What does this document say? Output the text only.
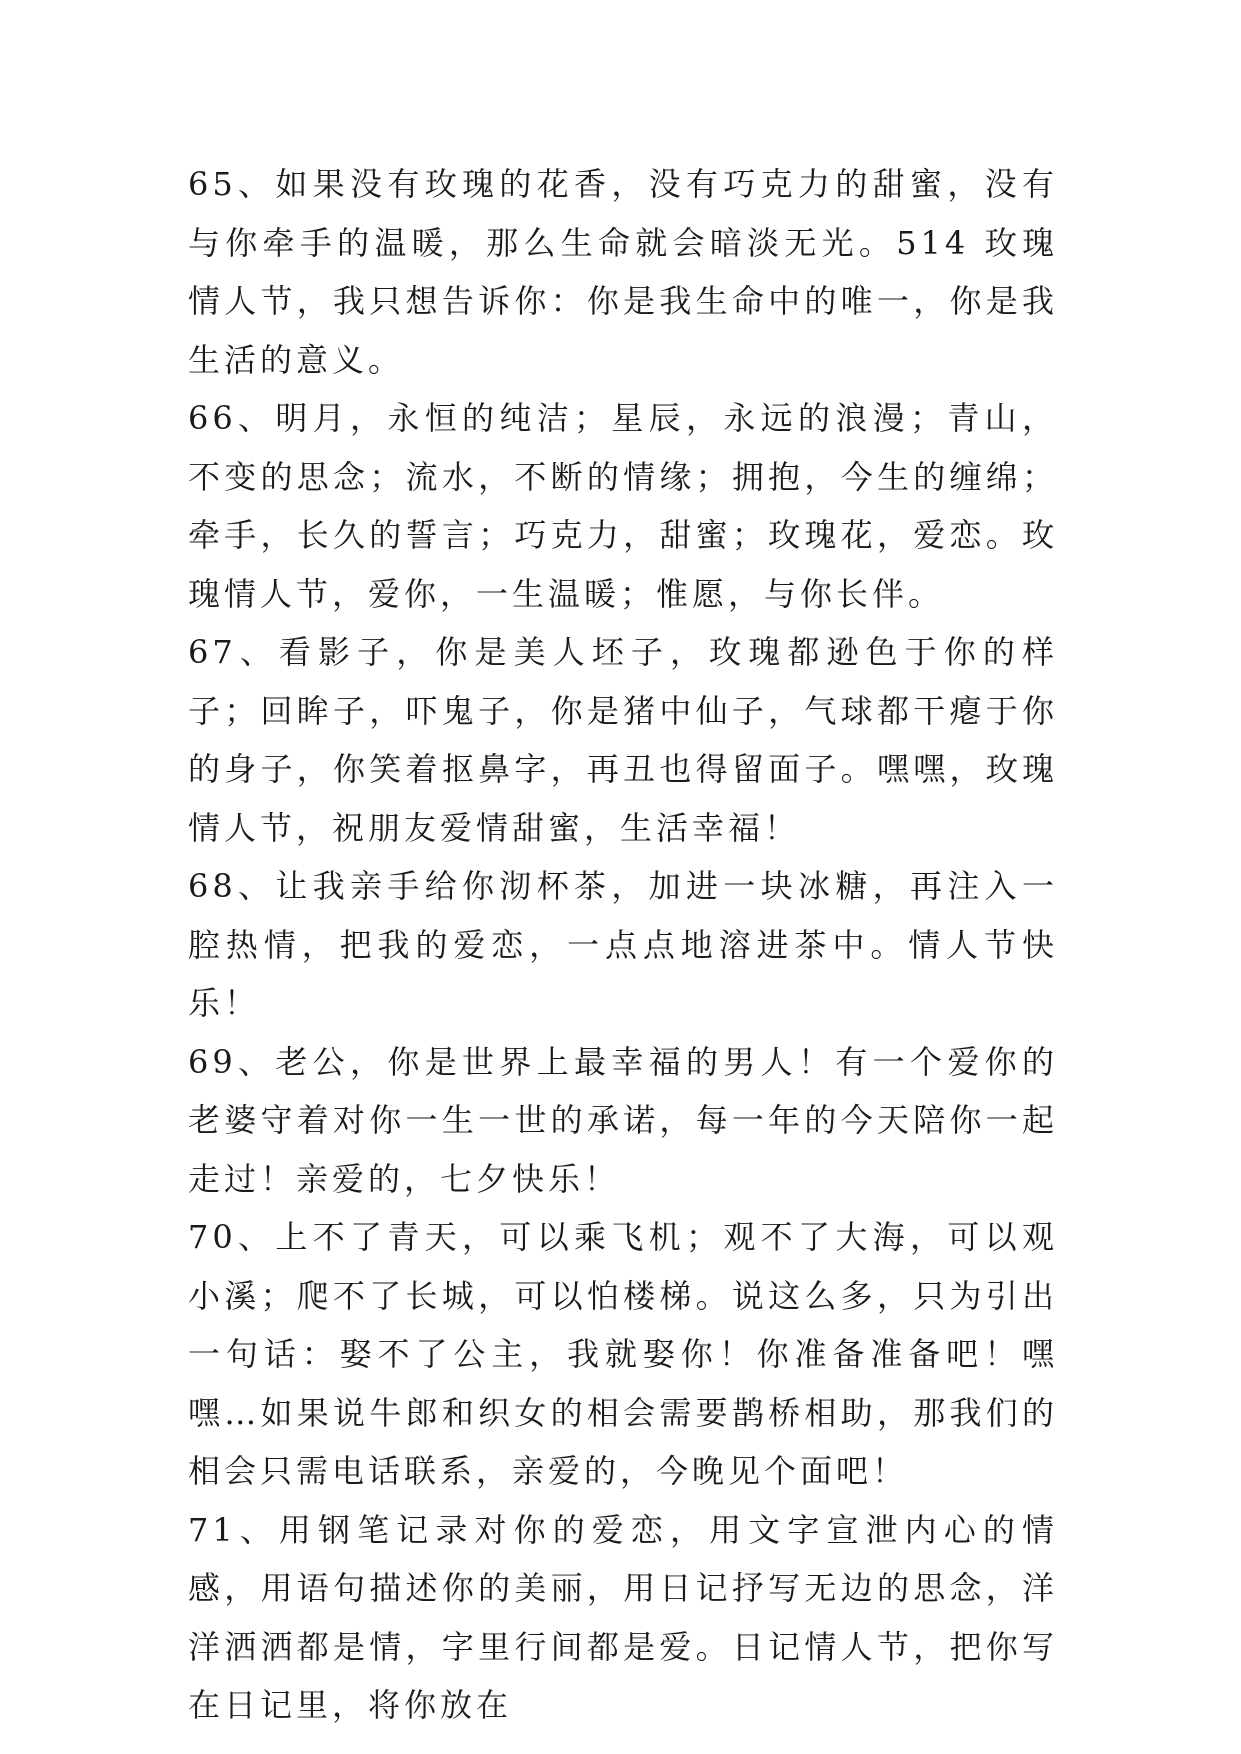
65、如果没有玫瑰的花香，没有巧克力的甜蜜，没有与你牵手的温暖，那么生命就会暗淡无光。514 玫瑰情人节，我只想告诉你：你是我生命中的唯一，你是我生活的意义。

66、明月，永恒的纯洁；星辰，永远的浪漫；青山，不变的思念；流水，不断的情缘；拥抱，今生的缠绵；牵手，长久的誓言；巧克力，甜蜜；玫瑰花，爱恋。玫瑰情人节，爱你，一生温暖；惟愿，与你长伴。

67、看影子，你是美人坯子，玫瑰都逊色于你的样子；回眸子，吓鬼子，你是猪中仙子，气球都干瘪于你的身子，你笑着抠鼻字，再丑也得留面子。嘿嘿，玫瑰情人节，祝朋友爱情甜蜜，生活幸福！

68、让我亲手给你沏杯茶，加进一块冰糖，再注入一腔热情，把我的爱恋，一点点地溶进茶中。情人节快乐！

69、老公，你是世界上最幸福的男人！有一个爱你的老婆守着对你一生一世的承诺，每一年的今天陪你一起走过！亲爱的，七夕快乐！

70、上不了青天，可以乘飞机；观不了大海，可以观小溪；爬不了长城，可以怕楼梯。说这么多，只为引出一句话：娶不了公主，我就娶你！你准备准备吧！嘿嘿…如果说牛郎和织女的相会需要鹊桥相助，那我们的相会只需电话联系，亲爱的，今晚见个面吧！

71、用钢笔记录对你的爱恋，用文字宣泄内心的情感，用语句描述你的美丽，用日记抒写无边的思念，洋洋洒洒都是情，字里行间都是爱。日记情人节，把你写在日记里，将你放在
